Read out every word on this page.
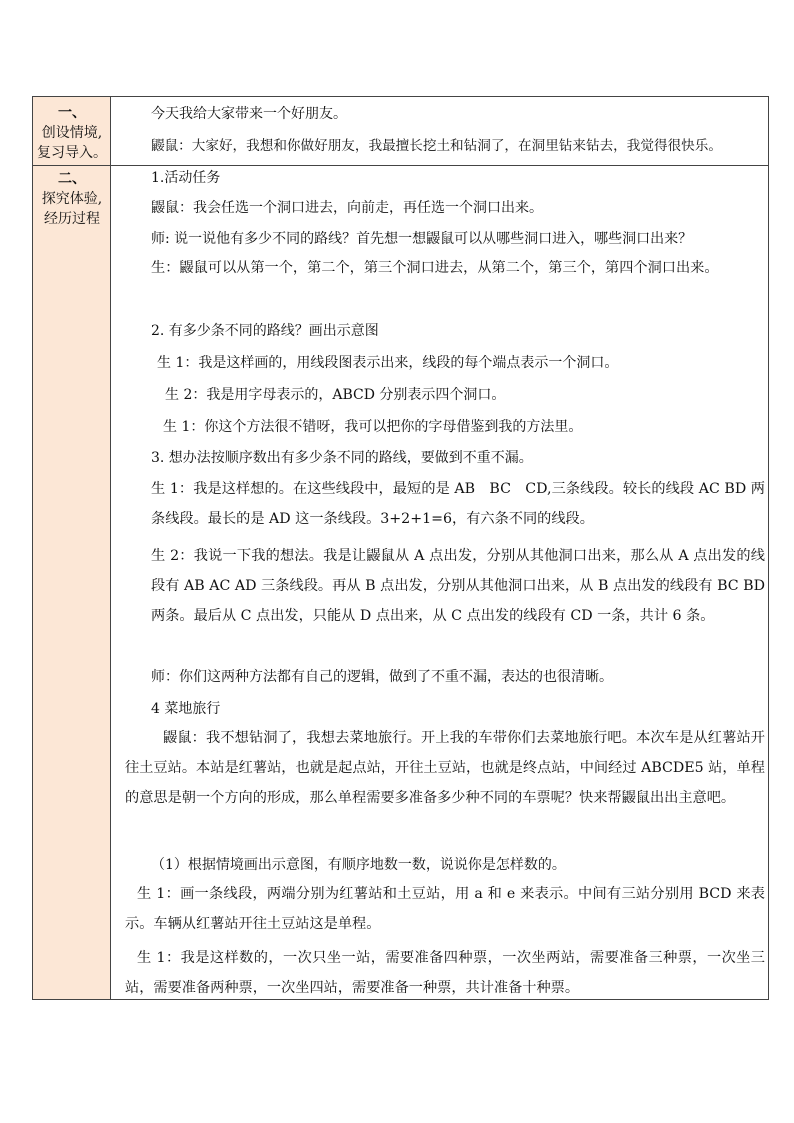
一、
创设情境,
复习导入。
二、
探究体验,
经历过程
今天我给大家带来一个好朋友。
鼹鼠：大家好，我想和你做好朋友，我最擅长挖土和钻洞了，在洞里钻来钻去，我觉得很快乐。
1.活动任务
鼹鼠：我会任选一个洞口进去，向前走，再任选一个洞口出来。
师: 说一说他有多少不同的路线？首先想一想鼹鼠可以从哪些洞口进入，哪些洞口出来？
生：鼹鼠可以从第一个，第二个，第三个洞口进去，从第二个，第三个，第四个洞口出来。
2. 有多少条不同的路线？画出示意图
生 1：我是这样画的，用线段图表示出来，线段的每个端点表示一个洞口。
生 2：我是用字母表示的，ABCD 分别表示四个洞口。
生 1：你这个方法很不错呀，我可以把你的字母借鉴到我的方法里。
3. 想办法按顺序数出有多少条不同的路线，要做到不重不漏。
生 1：我是这样想的。在这些线段中，最短的是 AB　BC　CD,三条线段。较长的线段 AC BD 两条线段。最长的是 AD 这一条线段。3+2+1=6，有六条不同的线段。
生 2：我说一下我的想法。我是让鼹鼠从 A 点出发，分别从其他洞口出来，那么从 A 点出发的线段有 AB AC AD 三条线段。再从 B 点出发，分别从其他洞口出来，从 B 点出发的线段有 BC BD 两条。最后从 C 点出发，只能从 D 点出来，从 C 点出发的线段有 CD 一条，共计 6 条。
师：你们这两种方法都有自己的逻辑，做到了不重不漏，表达的也很清晰。
4 菜地旅行
鼹鼠：我不想钻洞了，我想去菜地旅行。开上我的车带你们去菜地旅行吧。本次车是从红薯站开往土豆站。本站是红薯站，也就是起点站，开往土豆站，也就是终点站，中间经过 ABCDE5 站，单程的意思是朝一个方向的形成，那么单程需要多准备多少种不同的车票呢？快来帮鼹鼠出出主意吧。
（1）根据情境画出示意图，有顺序地数一数，说说你是怎样数的。
生 1：画一条线段，两端分别为红薯站和土豆站，用 a 和 e 来表示。中间有三站分别用 BCD 来表示。车辆从红薯站开往土豆站这是单程。
生 1：我是这样数的，一次只坐一站，需要准备四种票，一次坐两站，需要准备三种票，一次坐三站，需要准备两种票，一次坐四站，需要准备一种票，共计准备十种票。
